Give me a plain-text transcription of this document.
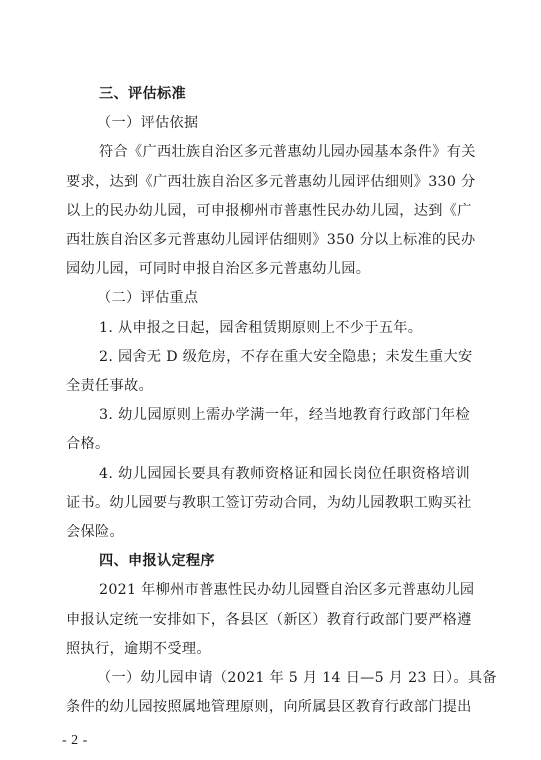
三、评估标准
（一）评估依据
符合《广西壮族自治区多元普惠幼儿园办园基本条件》有关
要求，达到《广西壮族自治区多元普惠幼儿园评估细则》330 分
以上的民办幼儿园，可申报柳州市普惠性民办幼儿园，达到《广
西壮族自治区多元普惠幼儿园评估细则》350 分以上标准的民办
园幼儿园，可同时申报自治区多元普惠幼儿园。
（二）评估重点
1. 从申报之日起，园舍租赁期原则上不少于五年。
2. 园舍无 D 级危房，不存在重大安全隐患；未发生重大安
全责任事故。
3. 幼儿园原则上需办学满一年，经当地教育行政部门年检
合格。
4. 幼儿园园长要具有教师资格证和园长岗位任职资格培训
证书。幼儿园要与教职工签订劳动合同，为幼儿园教职工购买社
会保险。
四、申报认定程序
2021 年柳州市普惠性民办幼儿园暨自治区多元普惠幼儿园
申报认定统一安排如下，各县区（新区）教育行政部门要严格遵
照执行，逾期不受理。
（一）幼儿园申请（2021 年 5 月 14 日—5 月 23 日）。具备
条件的幼儿园按照属地管理原则，向所属县区教育行政部门提出
- 2 -
